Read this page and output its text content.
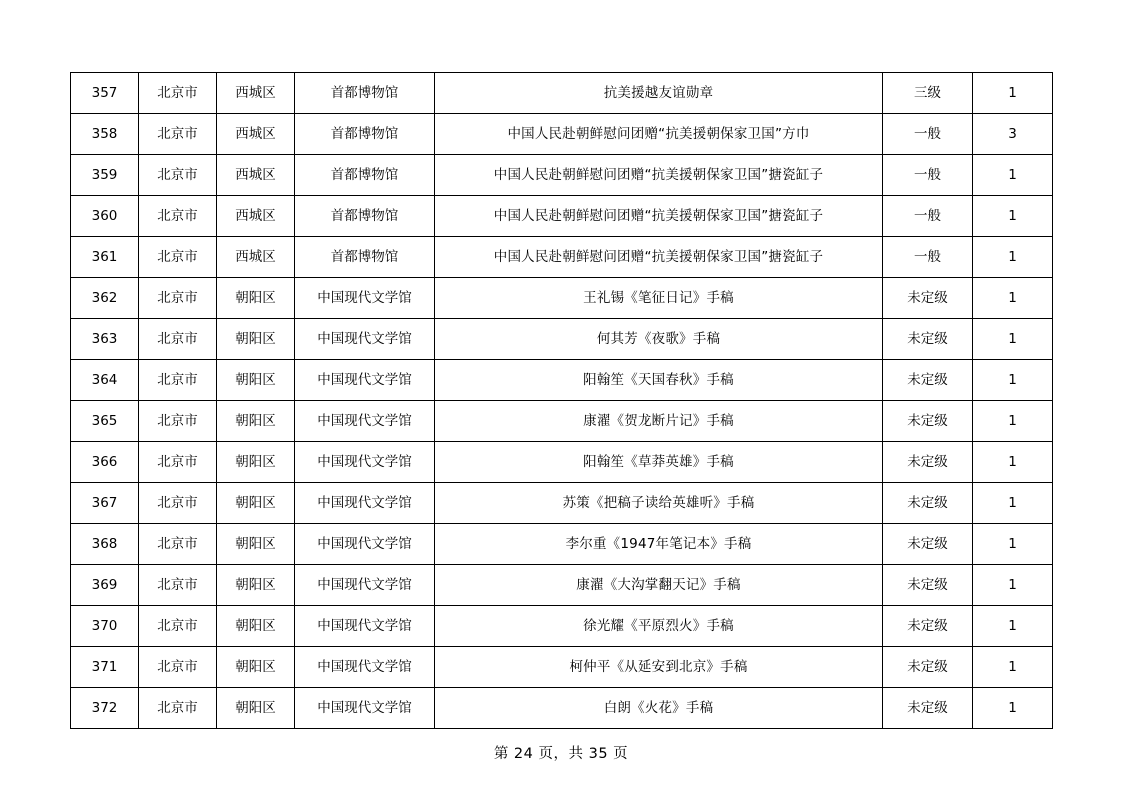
357	北京市	西城区	首都博物馆	抗美援越友谊勋章	三级	1
358	北京市	西城区	首都博物馆	中国人民赴朝鲜慰问团赠“抗美援朝保家卫国”方巾	一般	3
359	北京市	西城区	首都博物馆	中国人民赴朝鲜慰问团赠“抗美援朝保家卫国”搪瓷缸子	一般	1
360	北京市	西城区	首都博物馆	中国人民赴朝鲜慰问团赠“抗美援朝保家卫国”搪瓷缸子	一般	1
361	北京市	西城区	首都博物馆	中国人民赴朝鲜慰问团赠“抗美援朝保家卫国”搪瓷缸子	一般	1
362	北京市	朝阳区	中国现代文学馆	王礼锡《笔征日记》手稿	未定级	1
363	北京市	朝阳区	中国现代文学馆	何其芳《夜歌》手稿	未定级	1
364	北京市	朝阳区	中国现代文学馆	阳翰笙《天国春秋》手稿	未定级	1
365	北京市	朝阳区	中国现代文学馆	康濯《贺龙断片记》手稿	未定级	1
366	北京市	朝阳区	中国现代文学馆	阳翰笙《草莽英雄》手稿	未定级	1
367	北京市	朝阳区	中国现代文学馆	苏策《把稿子读给英雄听》手稿	未定级	1
368	北京市	朝阳区	中国现代文学馆	李尔重《1947年笔记本》手稿	未定级	1
369	北京市	朝阳区	中国现代文学馆	康濯《大沟掌翻天记》手稿	未定级	1
370	北京市	朝阳区	中国现代文学馆	徐光耀《平原烈火》手稿	未定级	1
371	北京市	朝阳区	中国现代文学馆	柯仲平《从延安到北京》手稿	未定级	1
372	北京市	朝阳区	中国现代文学馆	白朗《火花》手稿	未定级	1
第 24 页，共 35 页
